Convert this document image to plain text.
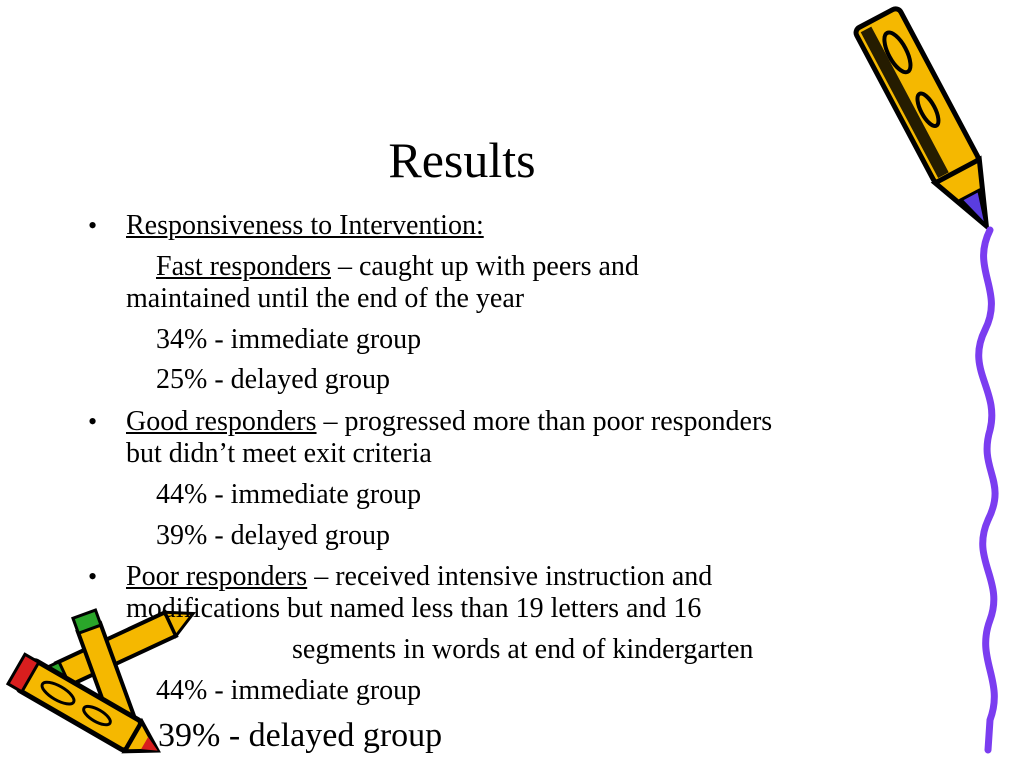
Results
• Responsiveness to Intervention:
Fast responders – caught up with peers and
maintained until the end of the year
34% - immediate group
25% - delayed group
• Good responders – progressed more than poor responders
but didn’t meet exit criteria
44% - immediate group
39% - delayed group
• Poor responders – received intensive instruction and
modifications but named less than 19 letters and 16
segments in words at end of kindergarten
44% - immediate group
39% - delayed group
